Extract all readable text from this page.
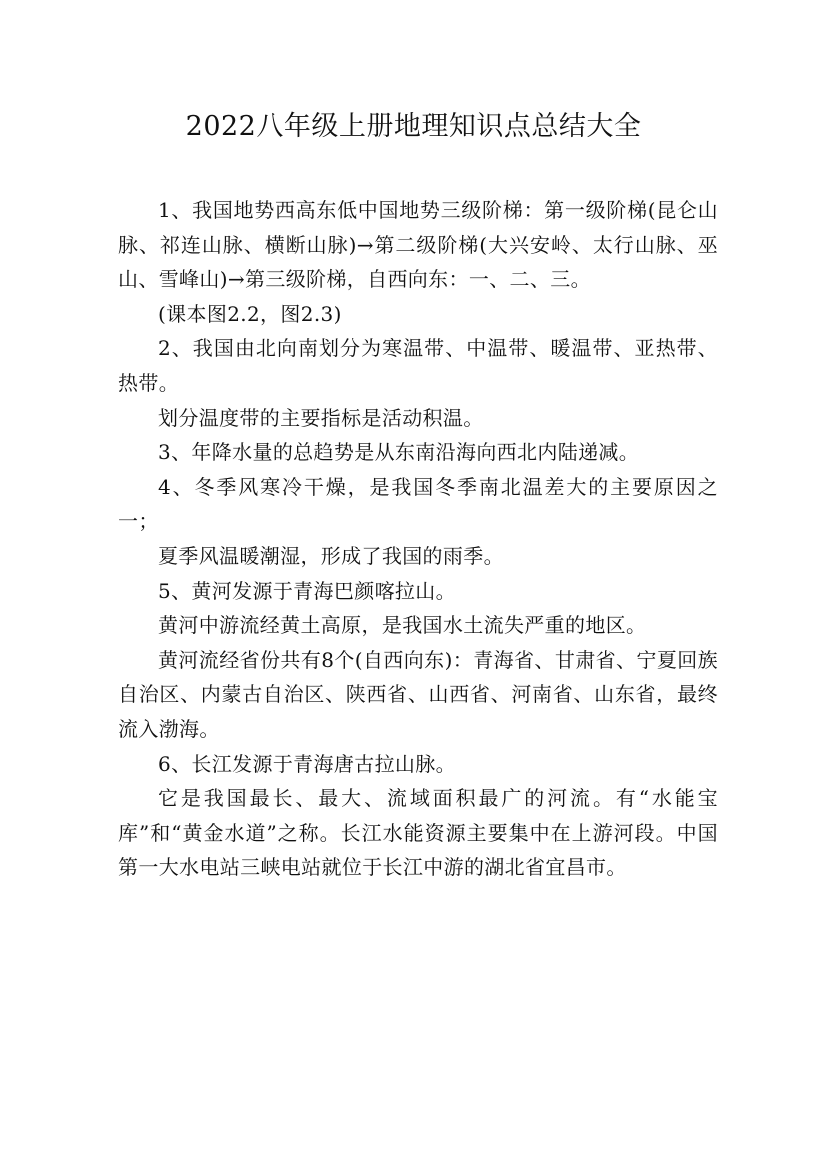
2022八年级上册地理知识点总结大全

1、我国地势西高东低中国地势三级阶梯：第一级阶梯(昆仑山脉、祁连山脉、横断山脉)→第二级阶梯(大兴安岭、太行山脉、巫山、雪峰山)→第三级阶梯，自西向东：一、二、三。

(课本图2.2，图2.3)

2、我国由北向南划分为寒温带、中温带、暖温带、亚热带、热带。

划分温度带的主要指标是活动积温。

3、年降水量的总趋势是从东南沿海向西北内陆递减。

4、冬季风寒冷干燥，是我国冬季南北温差大的主要原因之一；

夏季风温暖潮湿，形成了我国的雨季。

5、黄河发源于青海巴颜喀拉山。

黄河中游流经黄土高原，是我国水土流失严重的地区。

黄河流经省份共有8个(自西向东)：青海省、甘肃省、宁夏回族自治区、内蒙古自治区、陕西省、山西省、河南省、山东省，最终流入渤海。

6、长江发源于青海唐古拉山脉。

它是我国最长、最大、流域面积最广的河流。有“水能宝库”和“黄金水道”之称。长江水能资源主要集中在上游河段。中国第一大水电站三峡电站就位于长江中游的湖北省宜昌市。
